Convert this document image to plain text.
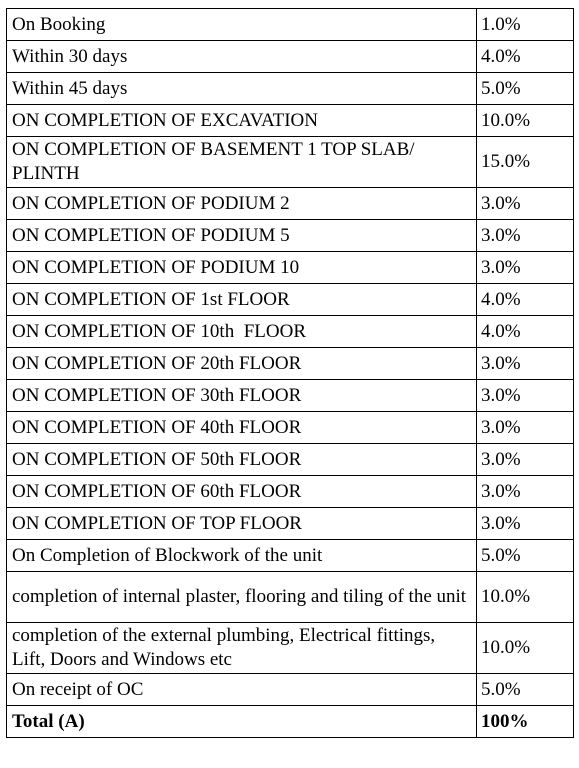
On Booking	1.0%
Within 30 days	4.0%
Within 45 days	5.0%
ON COMPLETION OF EXCAVATION	10.0%
ON COMPLETION OF BASEMENT 1 TOP SLAB/ PLINTH	15.0%
ON COMPLETION OF PODIUM 2	3.0%
ON COMPLETION OF PODIUM 5	3.0%
ON COMPLETION OF PODIUM 10	3.0%
ON COMPLETION OF 1st FLOOR	4.0%
ON COMPLETION OF 10th  FLOOR	4.0%
ON COMPLETION OF 20th FLOOR	3.0%
ON COMPLETION OF 30th FLOOR	3.0%
ON COMPLETION OF 40th FLOOR	3.0%
ON COMPLETION OF 50th FLOOR	3.0%
ON COMPLETION OF 60th FLOOR	3.0%
ON COMPLETION OF TOP FLOOR	3.0%
On Completion of Blockwork of the unit	5.0%
completion of internal plaster, flooring and tiling of the unit	10.0%
completion of the external plumbing, Electrical fittings, Lift, Doors and Windows etc	10.0%
On receipt of OC	5.0%
Total (A)	100%
